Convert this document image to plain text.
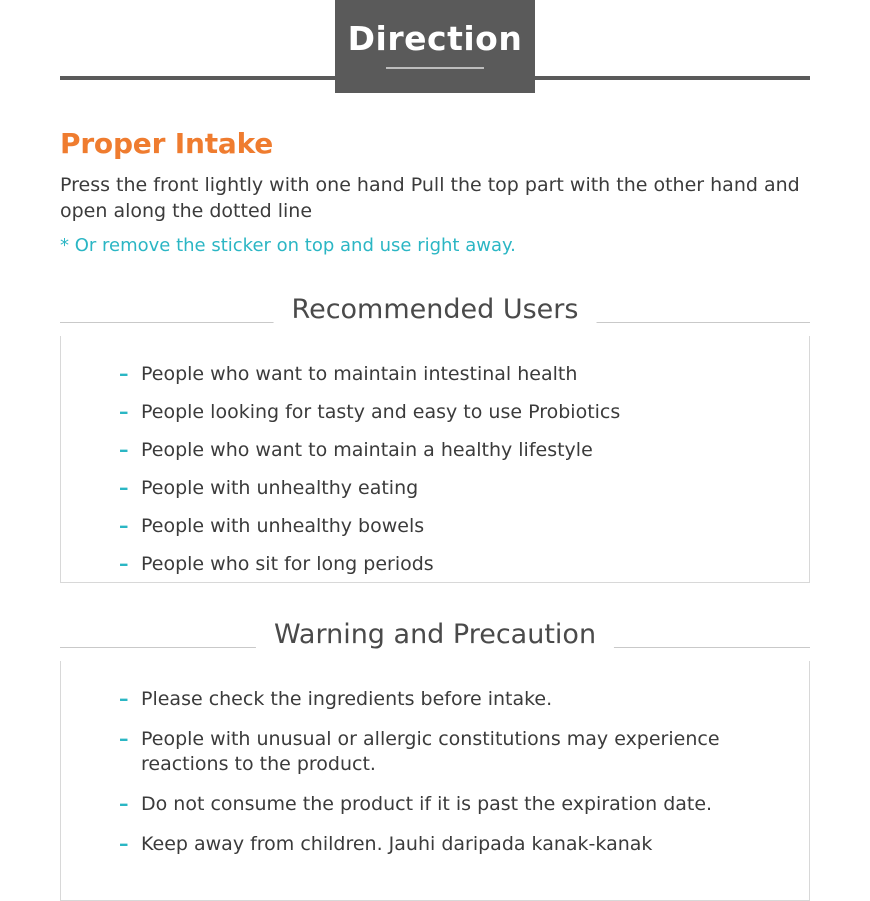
Direction
Proper Intake

Press the front lightly with one hand Pull the top part with the other hand and open along the dotted line

* Or remove the sticker on top and use right away.

Recommended Users
– People who want to maintain intestinal health
– People looking for tasty and easy to use Probiotics
– People who want to maintain a healthy lifestyle
– People with unhealthy eating
– People with unhealthy bowels
– People who sit for long periods
Warning and Precaution
– Please check the ingredients before intake.
– People with unusual or allergic constitutions may experience reactions to the product.
– Do not consume the product if it is past the expiration date.
– Keep away from children. Jauhi daripada kanak-kanak
